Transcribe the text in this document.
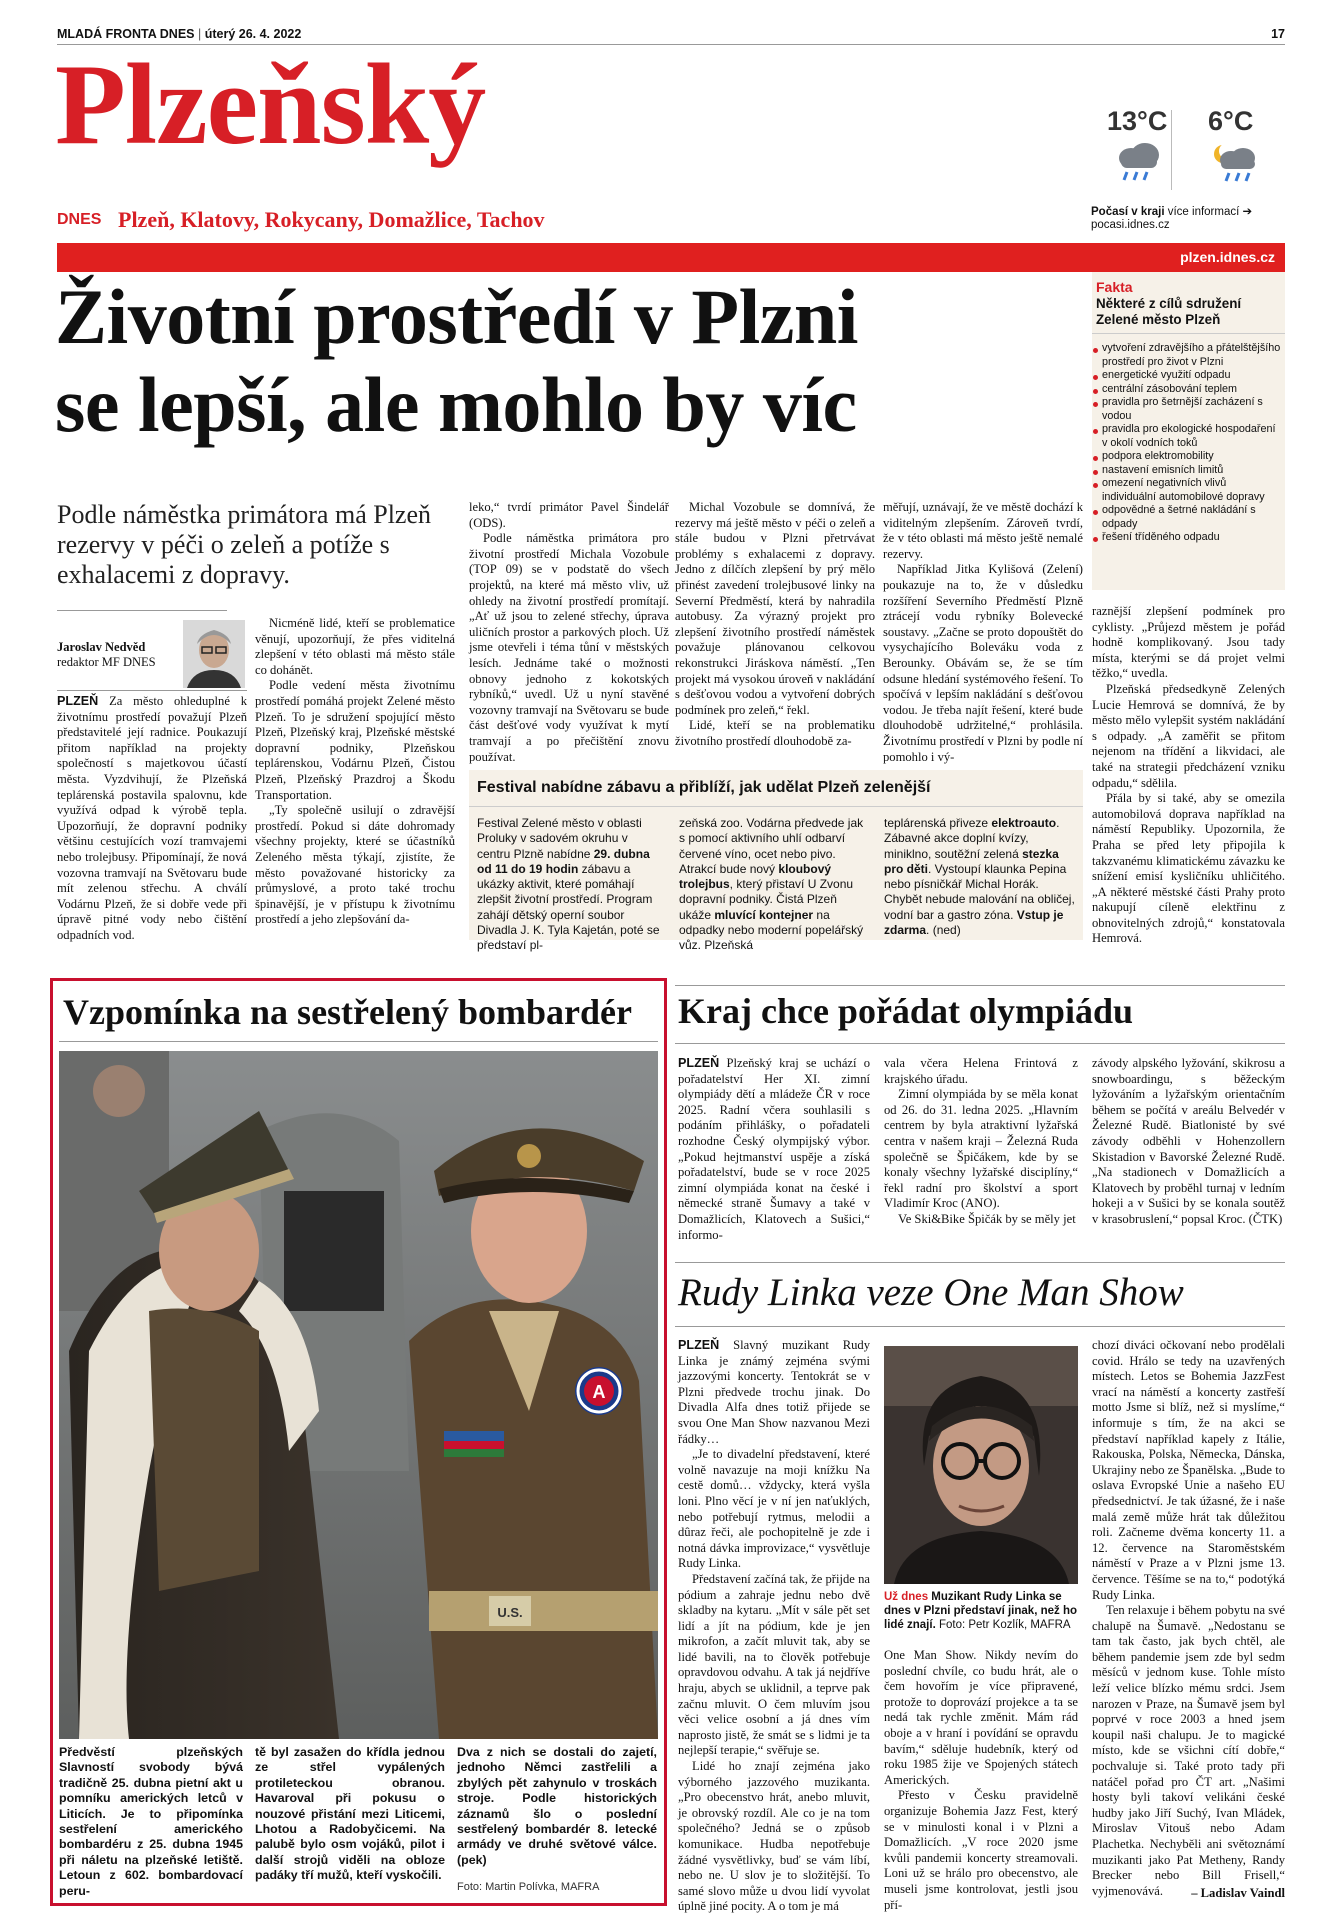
MLADÁ FRONTA DNES | úterý 26. 4. 2022	17
Plzeňský
DNES Plzeň, Klatovy, Rokycany, Domažlice, Tachov
13°C 6°C
Počasí v kraji více informací ➔
pocasi.idnes.cz
plzen.idnes.cz
Životní prostředí v Plzni
se lepší, ale mohlo by víc
Fakta
Některé z cílů sdružení Zelené město Plzeň
vytvoření zdravějšího a přátelštějšího prostředí pro život v Plzni
energetické využití odpadu
centrální zásobování teplem
pravidla pro šetrnější zacházení s vodou
pravidla pro ekologické hospodaření v okolí vodních toků
podpora elektromobility
nastavení emisních limitů
omezení negativních vlivů individuální automobilové dopravy
odpovědné a šetrné nakládání s odpady
řešení tříděného odpadu
Podle náměstka primátora má Plzeň rezervy v péči o zeleň a potíže s exhalacemi z dopravy.
Jaroslav Nedvěd
redaktor MF DNES

PLZEŇ Za město ohleduplné k životnímu prostředí považují Plzeň představitelé její radnice. Poukazují přitom například na projekty společností s majetkovou účastí města. Vyzdvihují, že Plzeňská teplárenská postavila spalovnu, kde využívá odpad k výrobě tepla. Upozorňují, že dopravní podniky většinu cestujících vozí tramvajemi nebo trolejbusy. Připomínají, že nová vozovna tramvají na Světovaru bude mít zelenou střechu. A chválí Vodárnu Plzeň, že si dobře vede při úpravě pitné vody nebo čištění odpadních vod.

Nicméně lidé, kteří se problematice věnují, upozorňují, že přes viditelná zlepšení v této oblasti má město stále co dohánět.

Podle vedení města životnímu prostředí pomáhá projekt Zelené město Plzeň. To je sdružení spojující město Plzeň, Plzeňský kraj, Plzeňské městské dopravní podniky, Plzeňskou teplárenskou, Vodárnu Plzeň, Čistou Plzeň, Plzeňský Prazdroj a Škodu Transportation.

„Ty společně usilují o zdravější prostředí. Pokud si dáte dohromady všechny projekty, které se účastníků Zeleného města týkají, zjistíte, že město považované historicky za průmyslové, a proto také trochu špinavější, je v přístupu k životnímu prostředí a jeho zlepšování da-

leko,“ tvrdí primátor Pavel Šindelář (ODS).

Podle náměstka primátora pro životní prostředí Michala Vozobule (TOP 09) se v podstatě do všech projektů, na které má město vliv, už ohledy na životní prostředí promítají. „Ať už jsou to zelené střechy, úprava uličních prostor a parkových ploch. Už jsme otevřeli i téma tůní v městských lesích. Jednáme také o možnosti obnovy jednoho z kokotských rybníků,“ uvedl. Už u nyní stavěné vozovny tramvají na Světovaru se bude část dešťové vody využívat k mytí tramvají a po přečištění znovu používat.

Michal Vozobule se domnívá, že rezervy má ještě město v péči o zeleň a stále budou v Plzni přetrvávat problémy s exhalacemi z dopravy. Jedno z dílčích zlepšení by prý mělo přinést zavedení trolejbusové linky na Severní Předměstí, která by nahradila autobusy. Za výrazný projekt pro zlepšení životního prostředí náměstek považuje plánovanou celkovou rekonstrukci Jiráskova náměstí. „Ten projekt má vysokou úroveň v nakládání s dešťovou vodou a vytvoření dobrých podmínek pro zeleň,“ řekl.

Lidé, kteří se na problematiku životního prostředí dlouhodobě za-

měřují, uznávají, že ve městě dochází k viditelným zlepšením. Zároveň tvrdí, že v této oblasti má město ještě nemalé rezervy.

Například Jitka Kylišová (Zelení) poukazuje na to, že v důsledku rozšíření Severního Předměstí Plzně ztrácejí vodu rybníky Bolevecké soustavy. „Začne se proto dopouštět do vysychajícího Boleváku voda z Berounky. Obávám se, že se tím odsune hledání systémového řešení. To spočívá v lepším nakládání s dešťovou vodou. Je třeba najít řešení, které bude dlouhodobě udržitelné,“ prohlásila. Životnímu prostředí v Plzni by podle ní pomohlo i vý-

raznější zlepšení podmínek pro cyklisty. „Průjezd městem je pořád hodně komplikovaný. Jsou tady místa, kterými se dá projet velmi těžko,“ uvedla.

Plzeňská předsedkyně Zelených Lucie Hemrová se domnívá, že by město mělo vylepšit systém nakládání s odpady. „A zaměřit se přitom nejenom na třídění a likvidaci, ale také na strategii předcházení vzniku odpadu,“ sdělila.

Přála by si také, aby se omezila automobilová doprava například na náměstí Republiky. Upozornila, že Praha se před lety připojila k takzvanému klimatickému závazku ke snížení emisí kysličníku uhličitého. „A některé městské části Prahy proto nakupují cíleně elektřinu z obnovitelných zdrojů,“ konstatovala Hemrová.

Festival nabídne zábavu a přiblíží, jak udělat Plzeň zelenější
Festival Zelené město v oblasti Proluky v sadovém okruhu v centru Plzně nabídne 29. dubna od 11 do 19 hodin zábavu a ukázky aktivit, které pomáhají zlepšit životní prostředí. Program zahájí dětský operní soubor Divadla J. K. Tyla Kajetán, poté se představí pl-
zeňská zoo. Vodárna předvede jak s pomocí aktivního uhlí odbarví červené víno, ocet nebo pivo. Atrakcí bude nový kloubový trolejbus, který přistaví U Zvonu dopravní podniky. Čistá Plzeň ukáže mluvící kontejner na odpadky nebo moderní popelářský vůz. Plzeňská
teplárenská přiveze elektroauto. Zábavné akce doplní kvízy, miniklno, soutěžní zelená stezka pro děti. Vystoupí klaunka Pepina nebo písničkář Michal Horák. Chybět nebude malování na obličej, vodní bar a gastro zóna. Vstup je zdarma. (ned)
Vzpomínka na sestřelený bombardér
A
U.S.
Předvěstí plzeňských Slavností svobody bývá tradičně 25. dubna pietní akt u pomníku amerických letců v Liticích. Je to připomínka sestřelení amerického bombardéru z 25. dubna 1945 při náletu na plzeňské letiště. Letoun z 602. bombardovací peru-
tě byl zasažen do křídla jednou ze střel vypálených protileteckou obranou. Havaroval při pokusu o nouzové přistání mezi Liticemi, Lhotou a Radobyčicemi. Na palubě bylo osm vojáků, pilot i další strojů viděli na obloze padáky tří mužů, kteří vyskočili.
Dva z nich se dostali do zajetí, jednoho Němci zastřelili a zbylých pět zahynulo v troskách stroje. Podle historických záznamů šlo o poslední sestřelený bombardér 8. letecké armády ve druhé světové válce. (pek)
Foto: Martin Polívka, MAFRA
Kraj chce pořádat olympiádu

PLZEŇ Plzeňský kraj se uchází o pořadatelství Her XI. zimní olympiády dětí a mládeže ČR v roce 2025. Radní včera souhlasili s podáním přihlášky, o pořadateli rozhodne Český olympijský výbor. „Pokud hejtmanství uspěje a získá pořadatelství, bude se v roce 2025 zimní olympiáda konat na české i německé straně Šumavy a také v Domažlicích, Klatovech a Sušici,“ informo-

vala včera Helena Frintová z krajského úřadu.

Zimní olympiáda by se měla konat od 26. do 31. ledna 2025. „Hlavním centrem by byla atraktivní lyžařská centra v našem kraji – Železná Ruda společně se Špičákem, kde by se konaly všechny lyžařské disciplíny,“ řekl radní pro školství a sport Vladimír Kroc (ANO).

Ve Ski&Bike Špičák by se měly jet

závody alpského lyžování, skikrosu a snowboardingu, s běžeckým lyžováním a lyžařským orientačním během se počítá v areálu Belvedér v Železné Rudě. Biatlonisté by své závody odběhli v Hohenzollern Skistadion v Bavorské Železné Rudě. „Na stadionech v Domažlicích a Klatovech by proběhl turnaj v ledním hokeji a v Sušici by se konala soutěž v krasobruslení,“ popsal Kroc. (ČTK)

Rudy Linka veze One Man Show

PLZEŇ Slavný muzikant Rudy Linka je známý zejména svými jazzovými koncerty. Tentokrát se v Plzni předvede trochu jinak. Do Divadla Alfa dnes totiž přijede se svou One Man Show nazvanou Mezi řádky…

„Je to divadelní představení, které volně navazuje na moji knížku Na cestě domů… vždycky, která vyšla loni. Plno věcí je v ní jen naťuklých, nebo potřebují rytmus, melodii a dûraz řeči, ale pochopitelně je zde i notná dávka improvizace,“ vysvětluje Rudy Linka.

Představení začíná tak, že přijde na pódium a zahraje jednu nebo dvě skladby na kytaru. „Mít v sále pět set lidí a jít na pódium, kde je jen mikrofon, a začít mluvit tak, aby se lidé bavili, na to člověk potřebuje opravdovou odvahu. A tak já nejdříve hraju, abych se uklidnil, a teprve pak začnu mluvit. O čem mluvím jsou věci velice osobní a já dnes vím naprosto jistě, že smát se s lidmi je ta nejlepší terapie,“ svěřuje se.

Lidé ho znají zejména jako výborného jazzového muzikanta. „Pro obecenstvo hrát, anebo mluvit, je obrovský rozdíl. Ale co je na tom společného? Jedná se o způsob komunikace. Hudba nepotřebuje žádné vysvětlivky, buď se vám líbí, nebo ne. U slov je to složitější. To samé slovo může u dvou lidí vyvolat úplně jiné pocity. A o tom je má

Už dnes Muzikant Rudy Linka se dnes v Plzni představí jinak, než ho lidé znají. Foto: Petr Kozlík, MAFRA

One Man Show. Nikdy nevím do poslední chvíle, co budu hrát, ale o čem hovořím je více připravené, protože to doprovází projekce a ta se nedá tak rychle změnit. Mám rád oboje a v hraní i povídání se opravdu bavím,“ sděluje hudebník, který od roku 1985 žije ve Spojených státech Amerických.

Přesto v Česku pravidelně organizuje Bohemia Jazz Fest, který se v minulosti konal i v Plzni a Domažlicích. „V roce 2020 jsme kvůli pandemii koncerty streamovali. Loni už se hrálo pro obecenstvo, ale museli jsme kontrolovat, jestli jsou pří-

chozí diváci očkovaní nebo prodělali covid. Hrálo se tedy na uzavřených místech. Letos se Bohemia JazzFest vrací na náměstí a koncerty zastřeší motto Jsme si blíž, než si myslíme,“ informuje s tím, že na akci se představí například kapely z Itálie, Rakouska, Polska, Německa, Dánska, Ukrajiny nebo ze Španělska. „Bude to oslava Evropské Unie a našeho EU předsednictví. Je tak úžasné, že i naše malá země může hrát tak důležitou roli. Začneme dvěma koncerty 11. a 12. července na Staroměstském náměstí v Praze a v Plzni jsme 13. července. Těšíme se na to,“ podotýká Rudy Linka.

Ten relaxuje i během pobytu na své chalupě na Šumavě. „Nedostanu se tam tak často, jak bych chtěl, ale během pandemie jsem zde byl sedm měsíců v jednom kuse. Tohle místo leží velice blízko mému srdci. Jsem narozen v Praze, na Šumavě jsem byl poprvé v roce 2003 a hned jsem koupil naši chalupu. Je to magické místo, kde se všichni cítí dobře,“ pochvaluje si. Také proto tady při natáčel pořad pro ČT art. „Našimi hosty byli takoví velikáni české hudby jako Jiří Suchý, Ivan Mládek, Miroslav Vitouš nebo Adam Plachetka. Nechyběli ani světoznámí muzikanti jako Pat Metheny, Randy Brecker nebo Bill Frisell,“ vyjmenovává.	– Ladislav Vaindl
